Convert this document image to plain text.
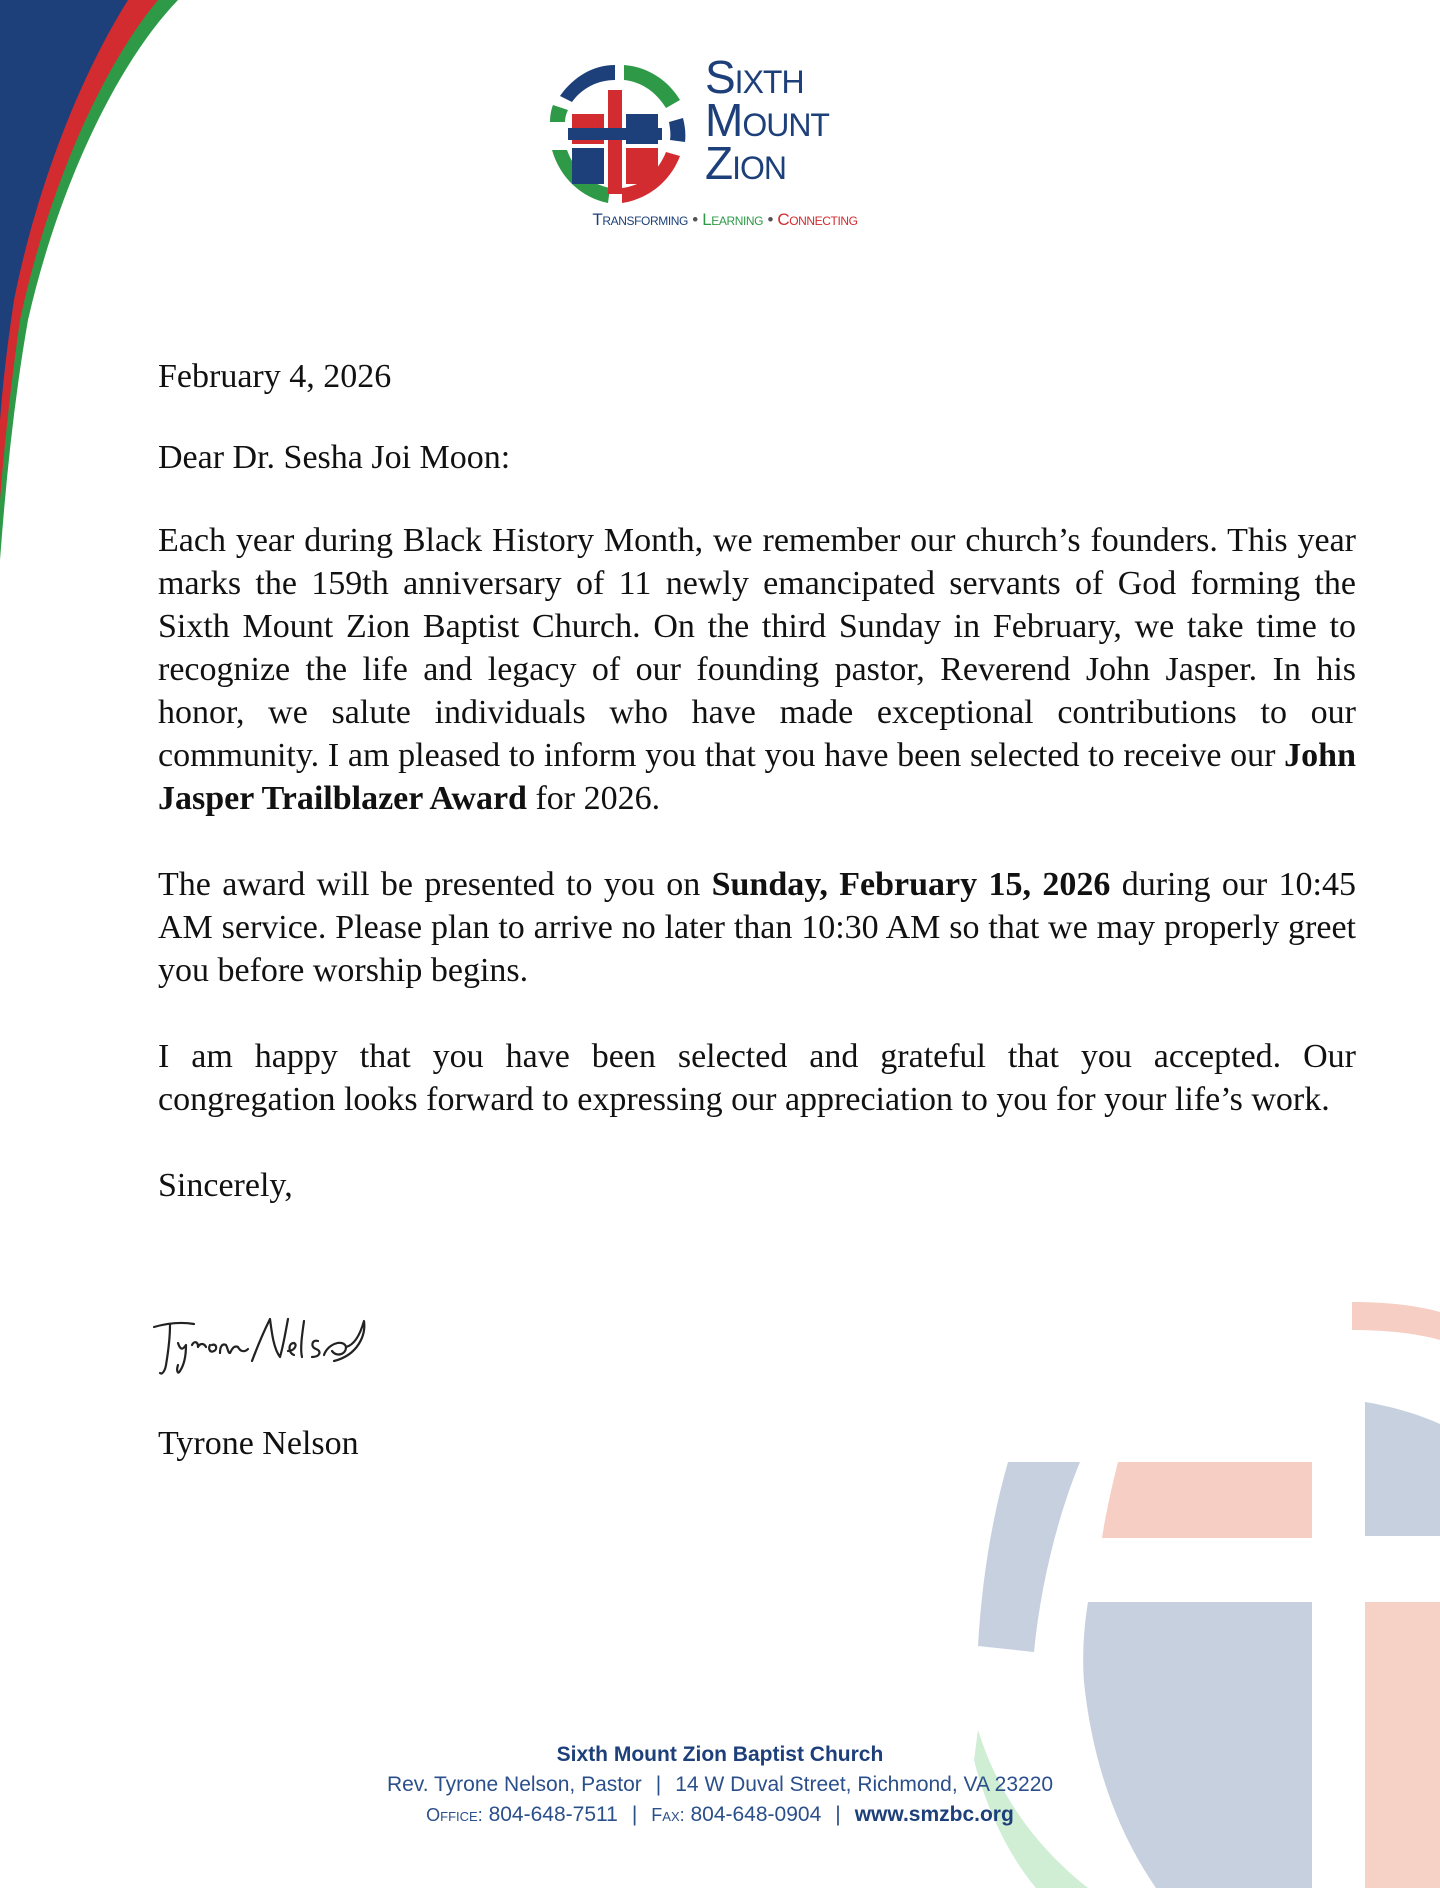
Sixth
Mount
Zion
Transforming • Learning • Connecting

February 4, 2026

Dear Dr. Sesha Joi Moon:

Each year during Black History Month, we remember our church’s founders. This year marks the 159th anniversary of 11 newly emancipated servants of God forming the Sixth Mount Zion Baptist Church. On the third Sunday in February, we take time to recognize the life and legacy of our founding pastor, Reverend John Jasper. In his honor, we salute individuals who have made exceptional contributions to our community. I am pleased to inform you that you have been selected to receive our John Jasper Trailblazer Award for 2026.

The award will be presented to you on Sunday, February 15, 2026 during our 10:45 AM service. Please plan to arrive no later than 10:30 AM so that we may properly greet you before worship begins.

I am happy that you have been selected and grateful that you accepted. Our congregation looks forward to expressing our appreciation to you for your life’s work.

Sincerely,

Tyrone Nelson
Sixth Mount Zion Baptist Church
Rev. Tyrone Nelson, Pastor | 14 W Duval Street, Richmond, VA 23220
Office: 804-648-7511 | Fax: 804-648-0904 | www.smzbc.org
